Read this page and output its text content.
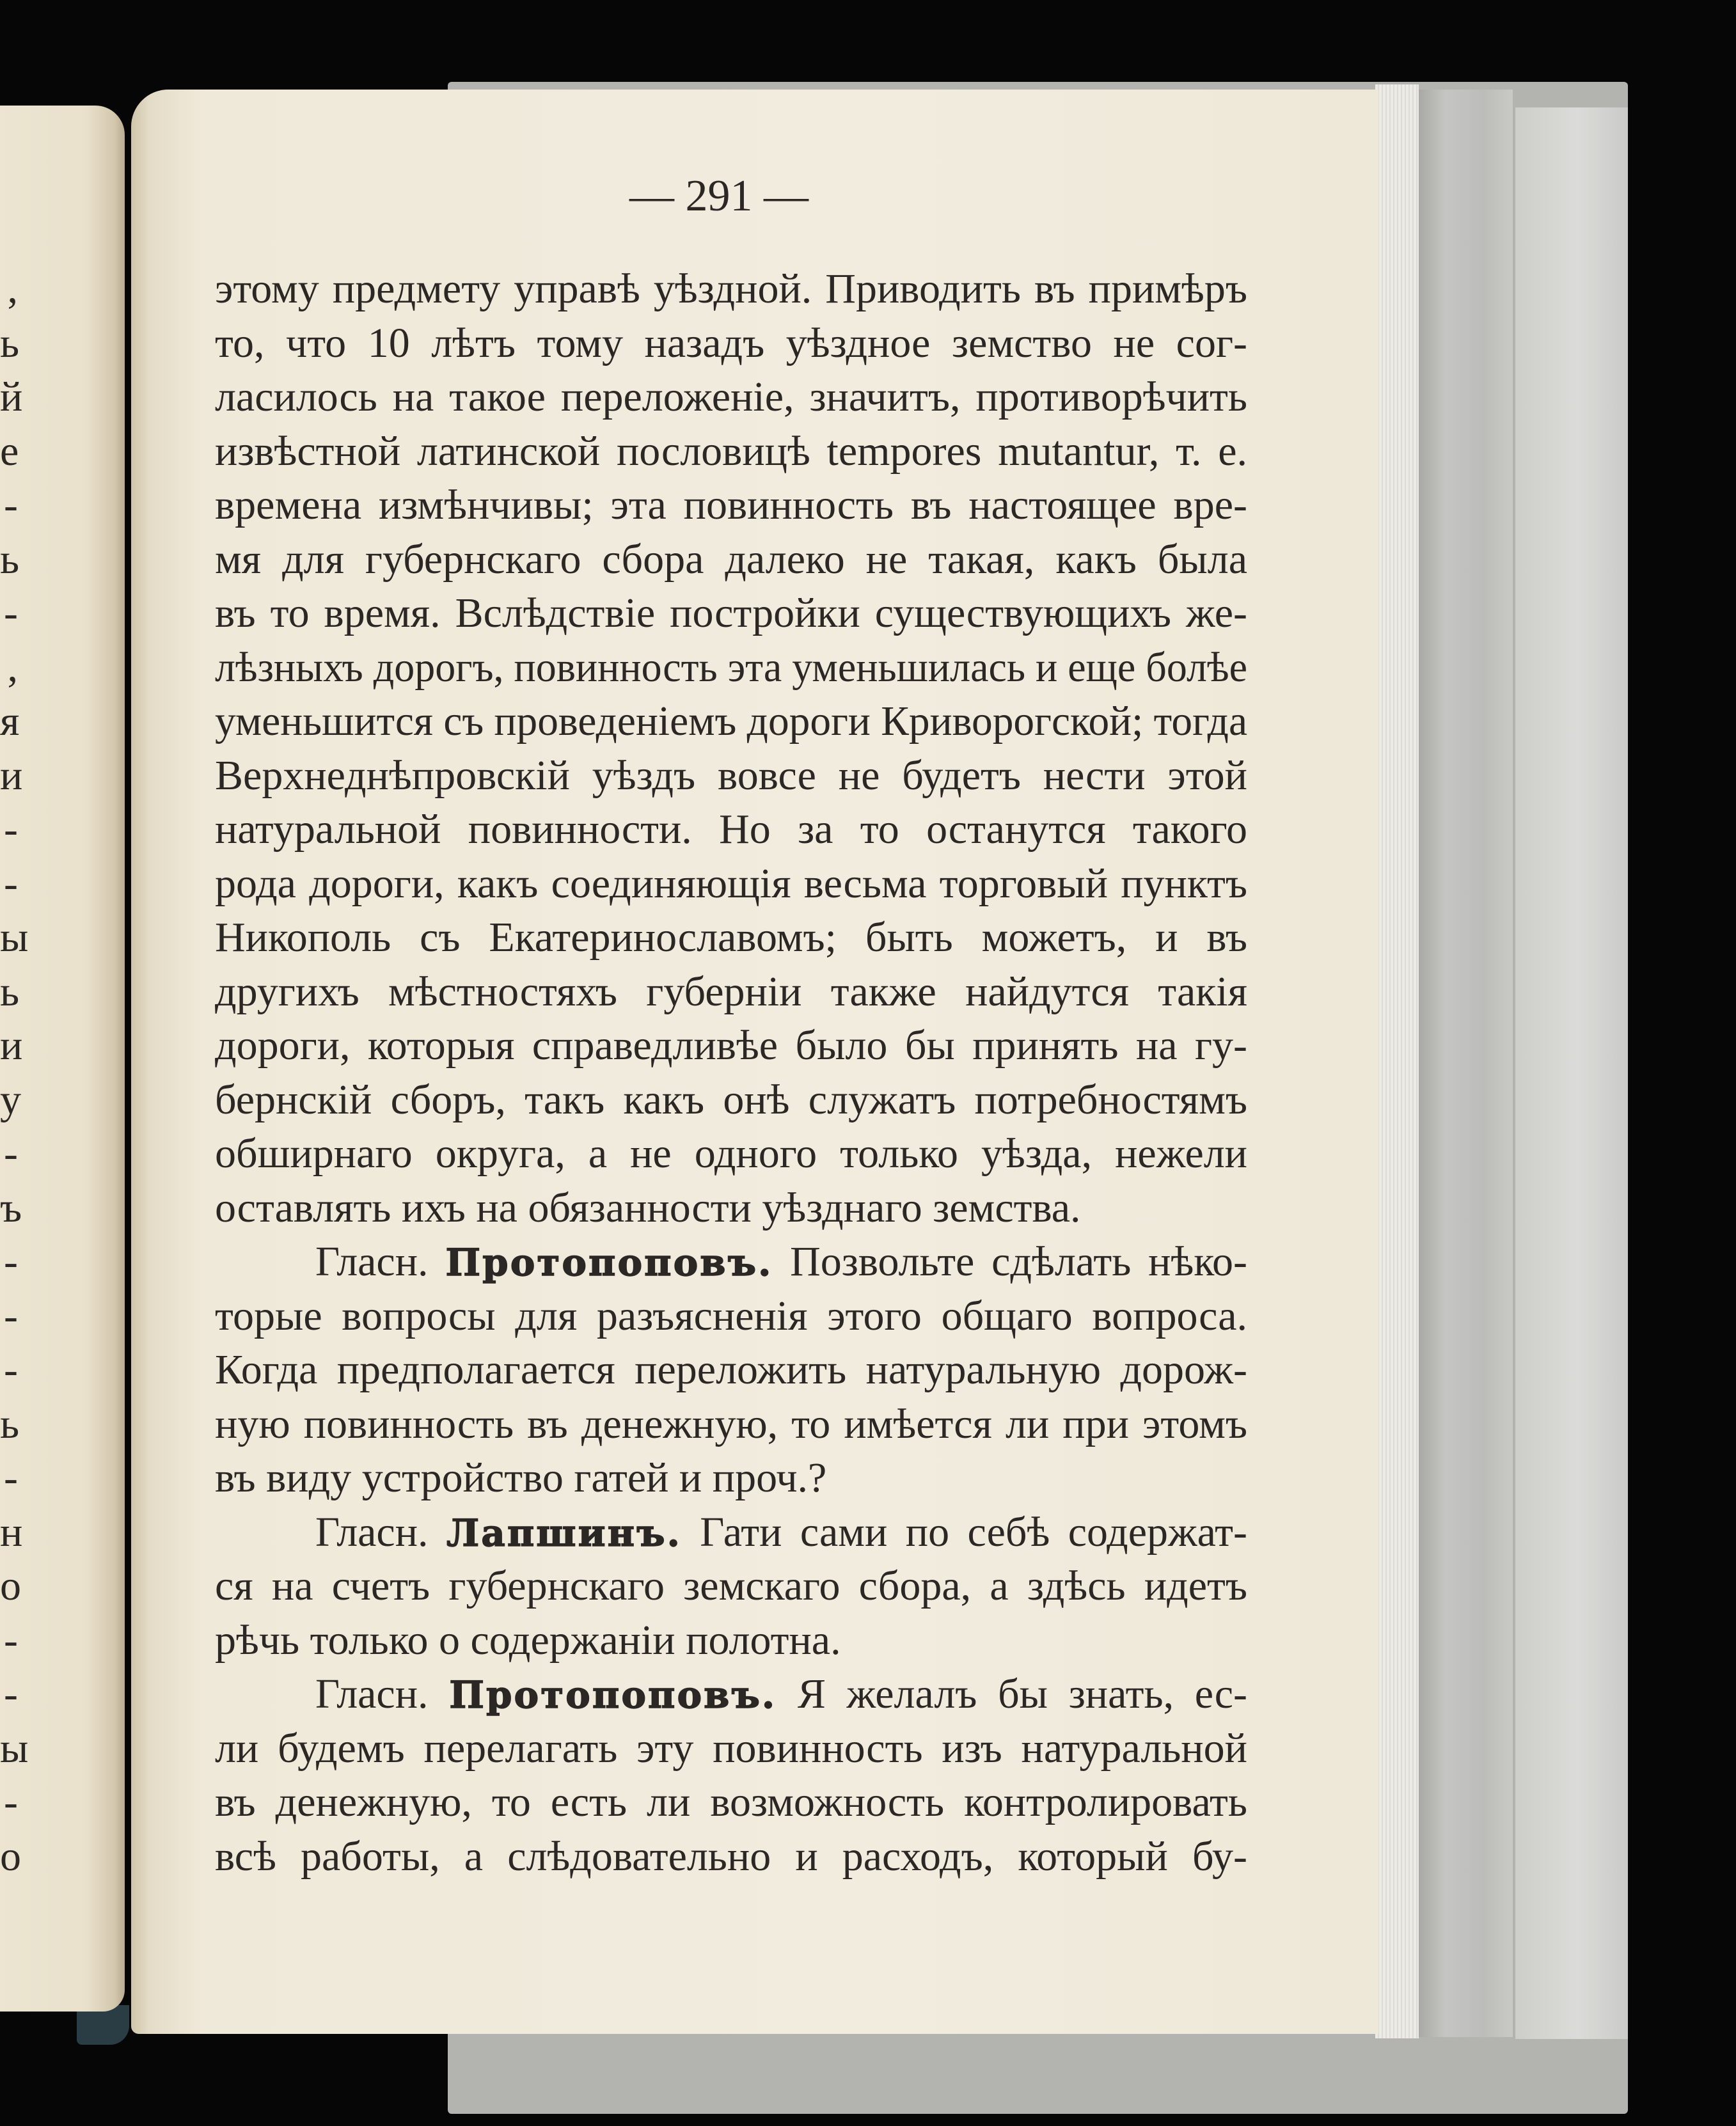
,
ь
й
е
-
ь
-
,
я
и
-
-
ы
ь
и
у
-
ъ
-
-
-
ь
-
н
о
-
-
ы
-
о
— 291 —
этому предмету управѣ уѣздной. Приводить въ примѣръ
то, что 10 лѣтъ тому назадъ уѣздное земство не сог-
ласилось на такое переложеніе, значитъ, противорѣчить
извѣстной латинской пословицѣ tempores mutantur, т. е.
времена измѣнчивы; эта повинность въ настоящее вре-
мя для губернскаго сбора далеко не такая, какъ была
въ то время. Вслѣдствіе постройки существующихъ же-
лѣзныхъ дорогъ, повинность эта уменьшилась и еще болѣе
уменьшится съ проведеніемъ дороги Криворогской; тогда
Верхнеднѣпровскій уѣздъ вовсе не будетъ нести этой
натуральной повинности. Но за то останутся такого
рода дороги, какъ соединяющія весьма торговый пунктъ
Никополь съ Екатеринославомъ; быть можетъ, и въ
другихъ мѣстностяхъ губерніи также найдутся такія
дороги, которыя справедливѣе было бы принять на гу-
бернскій сборъ, такъ какъ онѣ служатъ потребностямъ
обширнаго округа, а не одного только уѣзда, нежели
оставлять ихъ на обязанности уѣзднаго земства.
Гласн. Протопоповъ. Позвольте сдѣлать нѣко-
торые вопросы для разъясненія этого общаго вопроса.
Когда предполагается переложить натуральную дорож-
ную повинность въ денежную, то имѣется ли при этомъ
въ виду устройство гатей и проч.?
Гласн. Лапшинъ. Гати сами по себѣ содержат-
ся на счетъ губернскаго земскаго сбора, а здѣсь идетъ
рѣчь только о содержаніи полотна.
Гласн. Протопоповъ. Я желалъ бы знать, ес-
ли будемъ перелагать эту повинность изъ натуральной
въ денежную, то есть ли возможность контролировать
всѣ работы, а слѣдовательно и расходъ, который бу-
